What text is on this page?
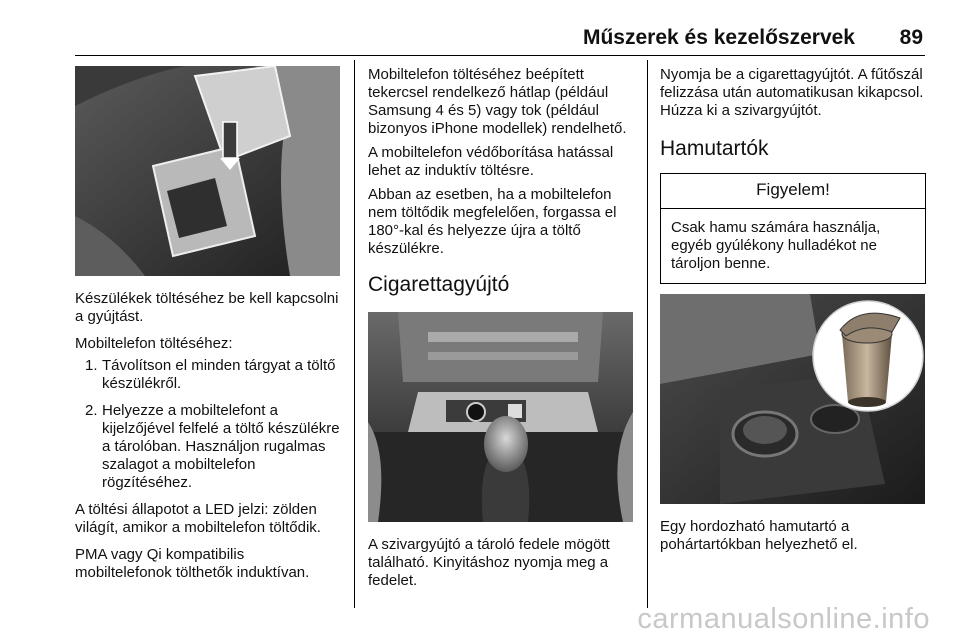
Műszerek és kezelőszervek 89

Készülékek töltéséhez be kell kapcsolni a gyújtást.

Mobiltelefon töltéséhez:

1. Távolítson el minden tárgyat a töltő készülékről.
2. Helyezze a mobiltelefont a kijelzőjével felfelé a töltő készülékre a tárolóban. Használjon rugalmas szalagot a mobiltelefon rögzítéséhez.

A töltési állapotot a LED jelzi: zölden világít, amikor a mobiltelefon töltődik.

PMA vagy Qi kompatibilis mobiltelefonok tölthetők induktívan.

Mobiltelefon töltéséhez beépített tekercsel rendelkező hátlap (például Samsung 4 és 5) vagy tok (például bizonyos iPhone modellek) rendelhető.

A mobiltelefon védőborítása hatással lehet az induktív töltésre.

Abban az esetben, ha a mobiltelefon nem töltődik megfelelően, forgassa el 180°-kal és helyezze újra a töltő készülékre.

Cigarettagyújtó

A szivargyújtó a tároló fedele mögött található. Kinyitáshoz nyomja meg a fedelet.

Nyomja be a cigarettagyújtót. A fűtőszál felizzása után automatikusan kikapcsol. Húzza ki a szivargyújtót.

Hamutartók
Figyelem!

Csak hamu számára használja, egyéb gyúlékony hulladékot ne tároljon benne.

Egy hordozható hamutartó a pohártartókban helyezhető el.

carmanualsonline.info
